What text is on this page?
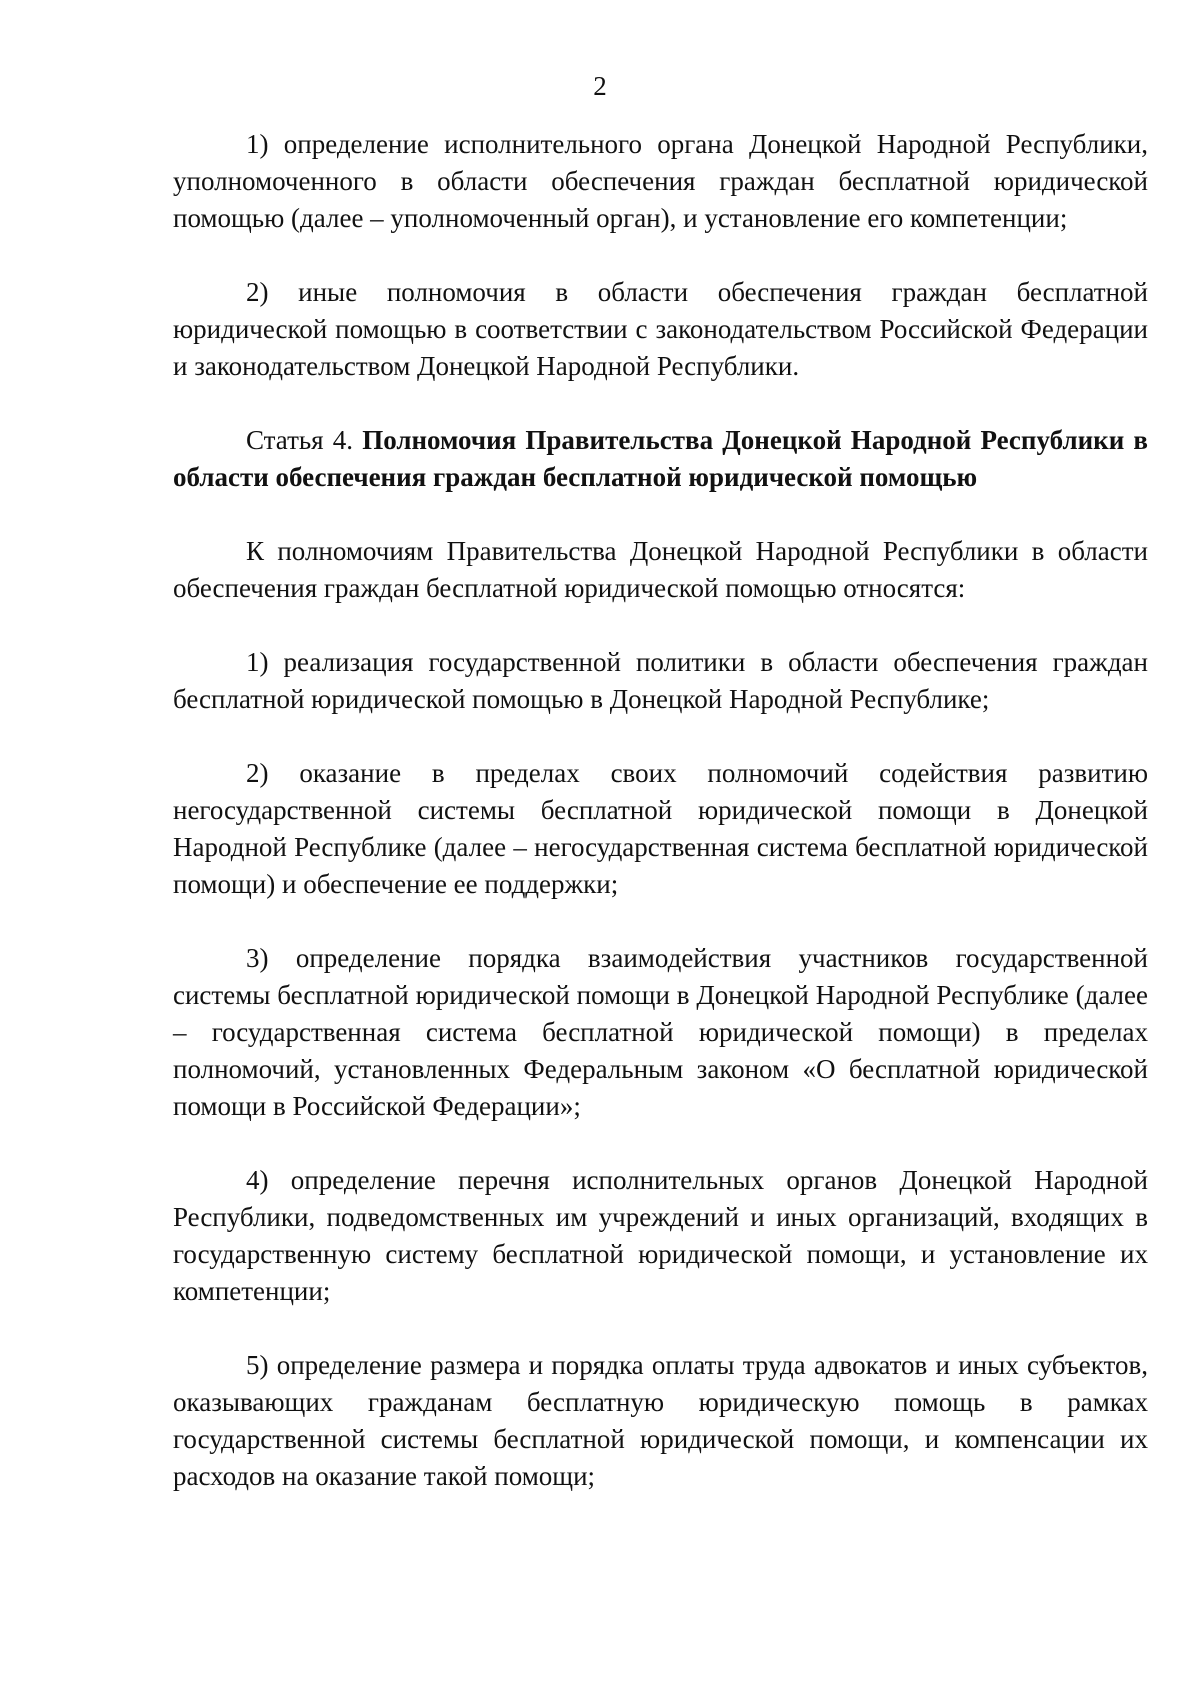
2

1) определение исполнительного органа Донецкой Народной Республики, уполномоченного в области обеспечения граждан бесплатной юридической помощью (далее – уполномоченный орган), и установление его компетенции;

2) иные полномочия в области обеспечения граждан бесплатной юридической помощью в соответствии с законодательством Российской Федерации и законодательством Донецкой Народной Республики.

Статья 4. Полномочия Правительства Донецкой Народной Республики в области обеспечения граждан бесплатной юридической помощью

К полномочиям Правительства Донецкой Народной Республики в области обеспечения граждан бесплатной юридической помощью относятся:

1) реализация государственной политики в области обеспечения граждан бесплатной юридической помощью в Донецкой Народной Республике;

2) оказание в пределах своих полномочий содействия развитию негосударственной системы бесплатной юридической помощи в Донецкой Народной Республике (далее – негосударственная система бесплатной юридической помощи) и обеспечение ее поддержки;

3) определение порядка взаимодействия участников государственной системы бесплатной юридической помощи в Донецкой Народной Республике (далее – государственная система бесплатной юридической помощи) в пределах полномочий, установленных Федеральным законом «О бесплатной юридической помощи в Российской Федерации»;

4) определение перечня исполнительных органов Донецкой Народной Республики, подведомственных им учреждений и иных организаций, входящих в государственную систему бесплатной юридической помощи, и установление их компетенции;

5) определение размера и порядка оплаты труда адвокатов и иных субъектов, оказывающих гражданам бесплатную юридическую помощь в рамках государственной системы бесплатной юридической помощи, и компенсации их расходов на оказание такой помощи;
